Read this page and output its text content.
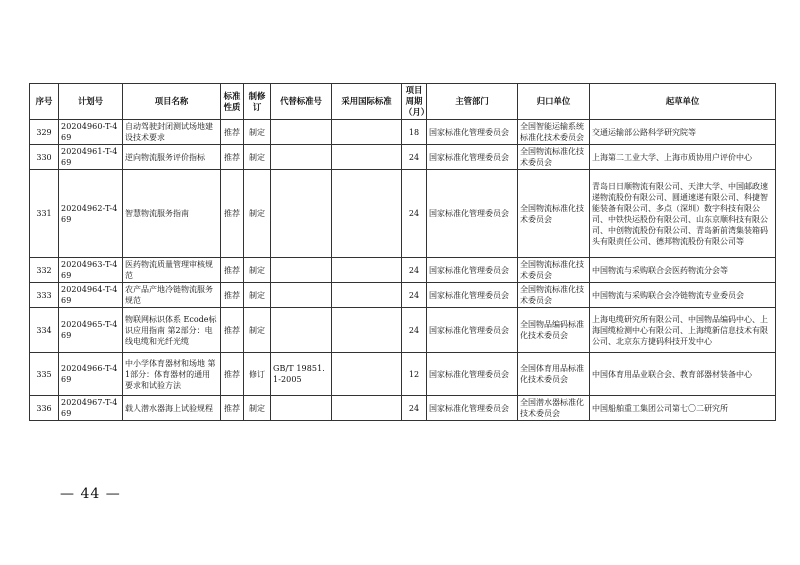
序号	计划号	项目名称	标准性质	制修订	代替标准号	采用国际标准	项目周期（月）	主管部门	归口单位	起草单位
329	20204960-T-469	自动驾驶封闭测试场地建设技术要求	推荐	制定			18	国家标准化管理委员会	全国智能运输系统标准化技术委员会	交通运输部公路科学研究院等
330	20204961-T-469	逆向物流服务评价指标	推荐	制定			24	国家标准化管理委员会	全国物流标准化技术委员会	上海第二工业大学、上海市质协用户评价中心
331	20204962-T-469	智慧物流服务指南	推荐	制定			24	国家标准化管理委员会	全国物流标准化技术委员会	青岛日日顺物流有限公司、天津大学、中国邮政速递物流股份有限公司、圆通速递有限公司、科捷智能装备有限公司、多点（深圳）数字科技有限公司、中铁快运股份有限公司、山东京顺科技有限公司、中创物流股份有限公司、青岛新前湾集装箱码头有限责任公司、德邦物流股份有限公司等
332	20204963-T-469	医药物流质量管理审核规范	推荐	制定			24	国家标准化管理委员会	全国物流标准化技术委员会	中国物流与采购联合会医药物流分会等
333	20204964-T-469	农产品产地冷链物流服务规范	推荐	制定			24	国家标准化管理委员会	全国物流标准化技术委员会	中国物流与采购联合会冷链物流专业委员会
334	20204965-T-469	物联网标识体系 Ecode标识应用指南 第2部分：电线电缆和光纤光缆	推荐	制定			24	国家标准化管理委员会	全国物品编码标准化技术委员会	上海电缆研究所有限公司、中国物品编码中心、上海国缆检测中心有限公司、上海缆新信息技术有限公司、北京东方捷码科技开发中心
335	20204966-T-469	中小学体育器材和场地 第1部分：体育器材的通用要求和试验方法	推荐	修订	GB/T 19851.1-2005		12	国家标准化管理委员会	全国体育用品标准化技术委员会	中国体育用品业联合会、教育部器材装备中心
336	20204967-T-469	载人潜水器海上试验规程	推荐	制定			24	国家标准化管理委员会	全国潜水器标准化技术委员会	中国船舶重工集团公司第七〇二研究所
— 44 —
